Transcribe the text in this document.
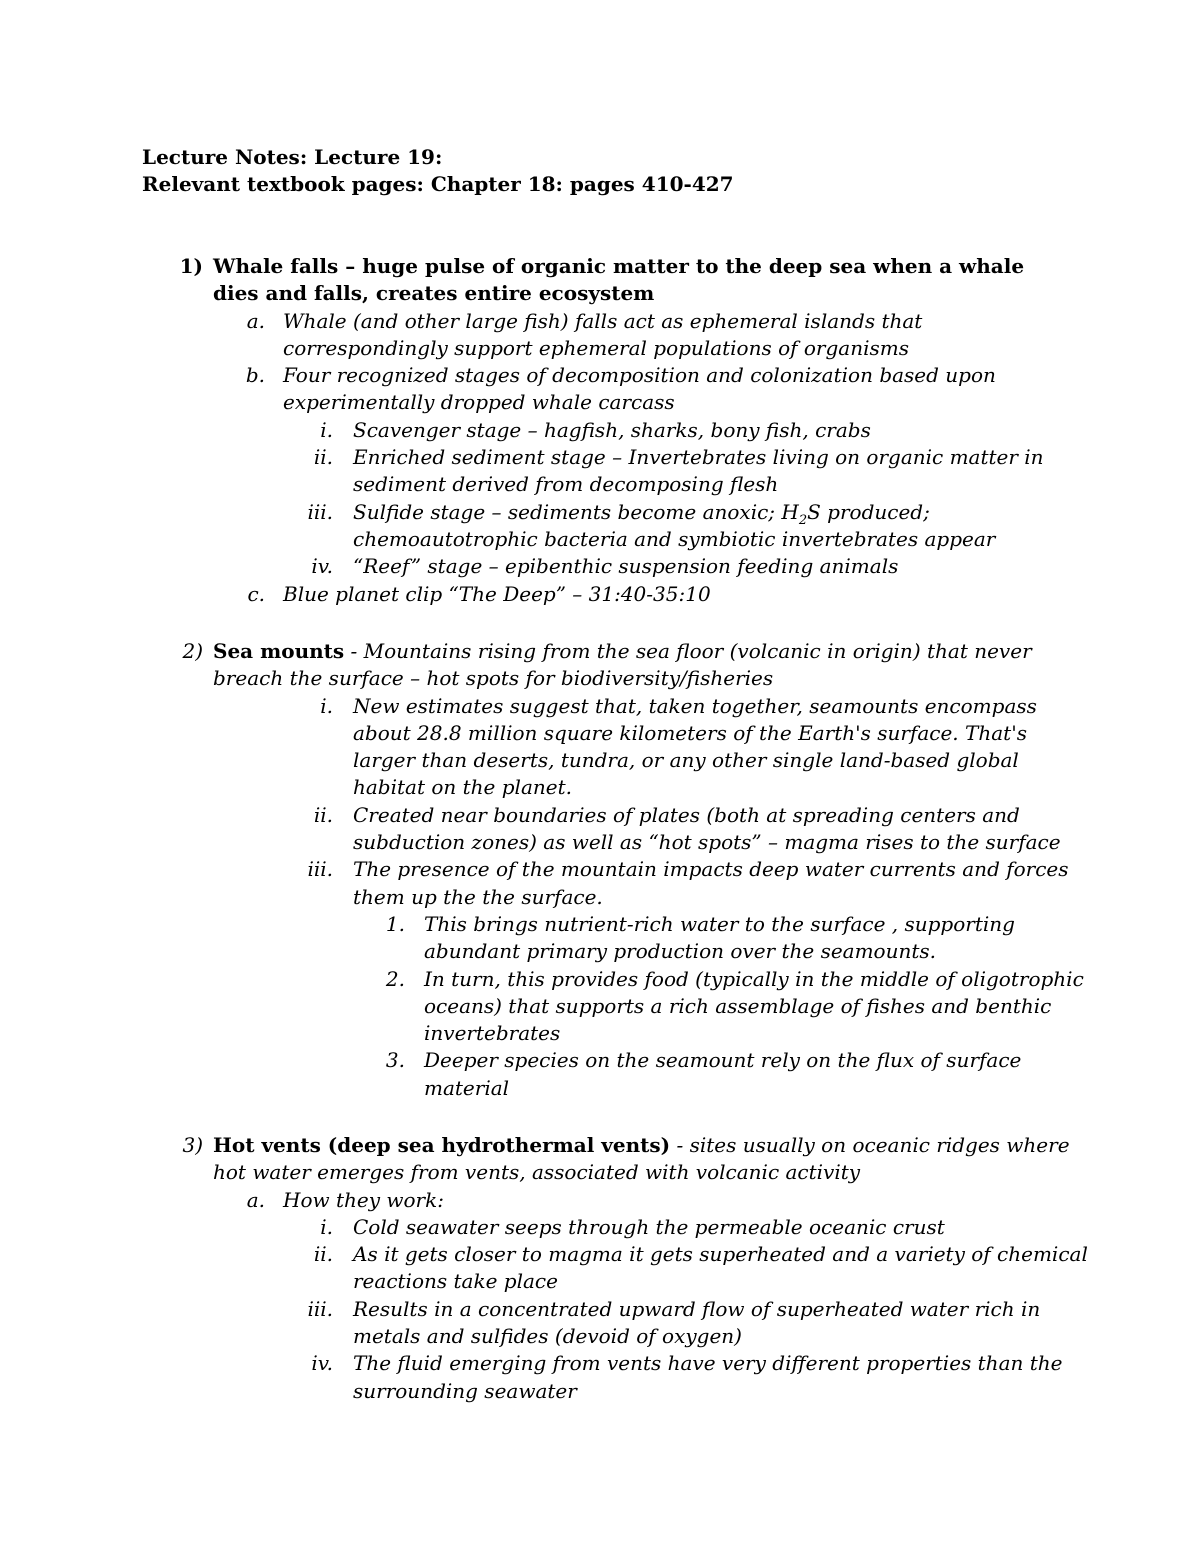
Lecture Notes: Lecture 19:

Relevant textbook pages: Chapter 18: pages 410-427

1) Whale falls – huge pulse of organic matter to the deep sea when a whale dies and falls, creates entire ecosystem
a. Whale (and other large fish) falls act as ephemeral islands that correspondingly support ephemeral populations of organisms
b. Four recognized stages of decomposition and colonization based upon experimentally dropped whale carcass
i. Scavenger stage – hagfish, sharks, bony fish, crabs
ii. Enriched sediment stage – Invertebrates living on organic matter in sediment derived from decomposing flesh
iii. Sulfide stage – sediments become anoxic; $H_2S$ produced; chemoautotrophic bacteria and symbiotic invertebrates appear
iv. “Reef” stage – epibenthic suspension feeding animals
c. Blue planet clip “The Deep” – 31:40-35:10
2) Sea mounts - Mountains rising from the sea floor (volcanic in origin) that never breach the surface – hot spots for biodiversity/fisheries
i. New estimates suggest that, taken together, seamounts encompass about 28.8 million square kilometers of the Earth's surface. That's larger than deserts, tundra, or any other single land-based global habitat on the planet.
ii. Created near boundaries of plates (both at spreading centers and subduction zones) as well as “hot spots” – magma rises to the surface
iii. The presence of the mountain impacts deep water currents and forces them up the the surface.
1. This brings nutrient-rich water to the surface , supporting abundant primary production over the seamounts.
2. In turn, this provides food (typically in the middle of oligotrophic oceans) that supports a rich assemblage of fishes and benthic invertebrates
3. Deeper species on the seamount rely on the flux of surface material
3) Hot vents (deep sea hydrothermal vents) - sites usually on oceanic ridges where hot water emerges from vents, associated with volcanic activity
a. How they work:
i. Cold seawater seeps through the permeable oceanic crust
ii. As it gets closer to magma it gets superheated and a variety of chemical reactions take place
iii. Results in a concentrated upward flow of superheated water rich in metals and sulfides (devoid of oxygen)
iv. The fluid emerging from vents have very different properties than the surrounding seawater
